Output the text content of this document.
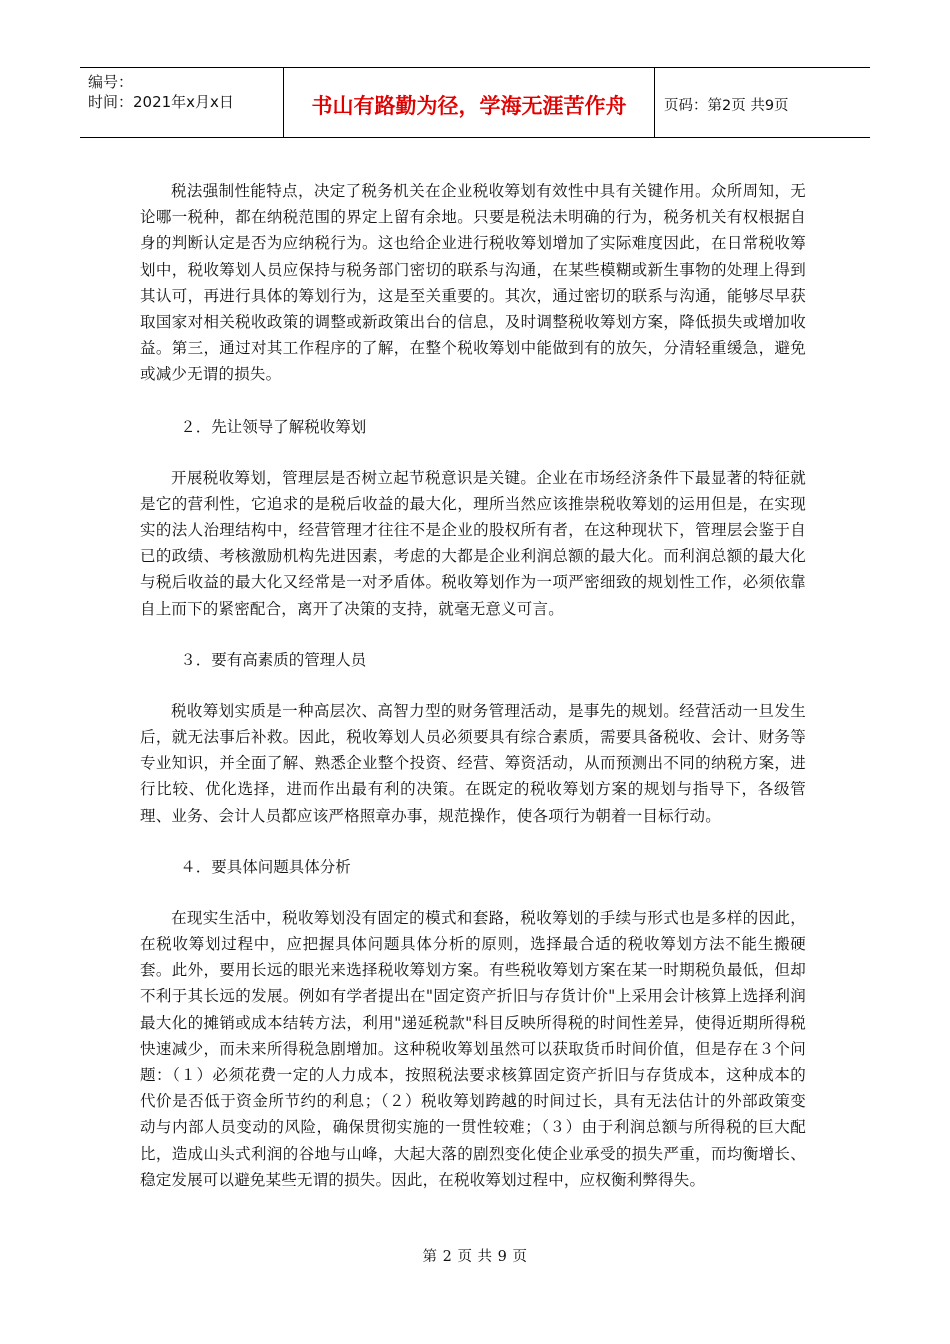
编号：
时间：2021年x月x日	书山有路勤为径，学海无涯苦作舟	页码：第2页 共9页

税法强制性能特点，决定了税务机关在企业税收筹划有效性中具有关键作用。众所周知，无论哪一税种，都在纳税范围的界定上留有余地。只要是税法未明确的行为，税务机关有权根据自身的判断认定是否为应纳税行为。这也给企业进行税收筹划增加了实际难度因此，在日常税收筹划中，税收筹划人员应保持与税务部门密切的联系与沟通，在某些模糊或新生事物的处理上得到其认可，再进行具体的筹划行为，这是至关重要的。其次，通过密切的联系与沟通，能够尽早获取国家对相关税收政策的调整或新政策出台的信息，及时调整税收筹划方案，降低损失或增加收益。第三，通过对其工作程序的了解，在整个税收筹划中能做到有的放矢，分清轻重缓急，避免或减少无谓的损失。

２．先让领导了解税收筹划

开展税收筹划，管理层是否树立起节税意识是关键。企业在市场经济条件下最显著的特征就是它的营利性，它追求的是税后收益的最大化，理所当然应该推崇税收筹划的运用但是，在实现实的法人治理结构中，经营管理才往往不是企业的股权所有者，在这种现状下，管理层会鉴于自已的政绩、考核激励机构先进因素，考虑的大都是企业利润总额的最大化。而利润总额的最大化与税后收益的最大化又经常是一对矛盾体。税收筹划作为一项严密细致的规划性工作，必须依靠自上而下的紧密配合，离开了决策的支持，就毫无意义可言。

３．要有高素质的管理人员

税收筹划实质是一种高层次、高智力型的财务管理活动，是事先的规划。经营活动一旦发生后，就无法事后补救。因此，税收筹划人员必须要具有综合素质，需要具备税收、会计、财务等专业知识，并全面了解、熟悉企业整个投资、经营、筹资活动，从而预测出不同的纳税方案，进行比较、优化选择，进而作出最有利的决策。在既定的税收筹划方案的规划与指导下，各级管理、业务、会计人员都应该严格照章办事，规范操作，使各项行为朝着一目标行动。

４．要具体问题具体分析

在现实生活中，税收筹划没有固定的模式和套路，税收筹划的手续与形式也是多样的因此，在税收筹划过程中，应把握具体问题具体分析的原则，选择最合适的税收筹划方法不能生搬硬套。此外，要用长远的眼光来选择税收筹划方案。有些税收筹划方案在某一时期税负最低，但却不利于其长远的发展。例如有学者提出在"固定资产折旧与存货计价"上采用会计核算上选择利润最大化的摊销或成本结转方法，利用"递延税款"科目反映所得税的时间性差异，使得近期所得税快速减少，而未来所得税急剧增加。这种税收筹划虽然可以获取货币时间价值，但是存在３个问题：（１）必须花费一定的人力成本，按照税法要求核算固定资产折旧与存货成本，这种成本的代价是否低于资金所节约的利息；（２）税收筹划跨越的时间过长，具有无法估计的外部政策变动与内部人员变动的风险，确保贯彻实施的一贯性较难；（３）由于利润总额与所得税的巨大配比，造成山头式利润的谷地与山峰，大起大落的剧烈变化使企业承受的损失严重，而均衡增长、稳定发展可以避免某些无谓的损失。因此，在税收筹划过程中，应权衡利弊得失。

第 2 页 共 9 页
